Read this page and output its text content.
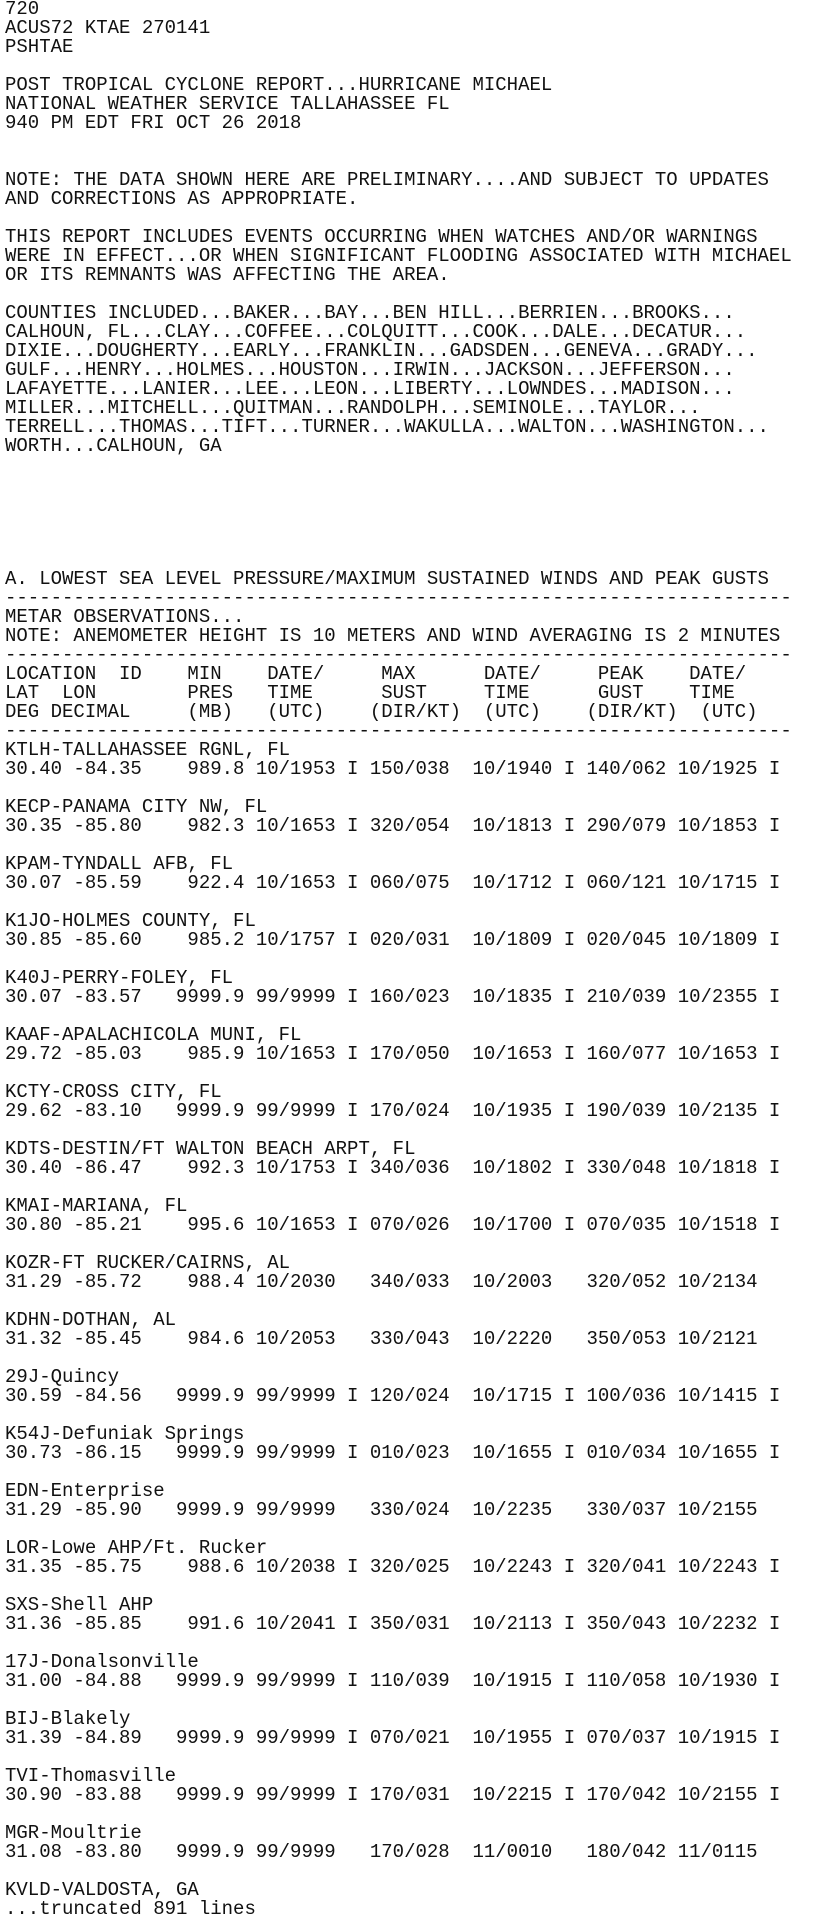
720
ACUS72 KTAE 270141
PSHTAE
POST TROPICAL CYCLONE REPORT...HURRICANE MICHAEL
NATIONAL WEATHER SERVICE TALLAHASSEE FL
940 PM EDT FRI OCT 26 2018
NOTE: THE DATA SHOWN HERE ARE PRELIMINARY....AND SUBJECT TO UPDATES
AND CORRECTIONS AS APPROPRIATE.
THIS REPORT INCLUDES EVENTS OCCURRING WHEN WATCHES AND/OR WARNINGS
WERE IN EFFECT...OR WHEN SIGNIFICANT FLOODING ASSOCIATED WITH MICHAEL
OR ITS REMNANTS WAS AFFECTING THE AREA.
COUNTIES INCLUDED...BAKER...BAY...BEN HILL...BERRIEN...BROOKS...
CALHOUN, FL...CLAY...COFFEE...COLQUITT...COOK...DALE...DECATUR...
DIXIE...DOUGHERTY...EARLY...FRANKLIN...GADSDEN...GENEVA...GRADY...
GULF...HENRY...HOLMES...HOUSTON...IRWIN...JACKSON...JEFFERSON...
LAFAYETTE...LANIER...LEE...LEON...LIBERTY...LOWNDES...MADISON...
MILLER...MITCHELL...QUITMAN...RANDOLPH...SEMINOLE...TAYLOR...
TERRELL...THOMAS...TIFT...TURNER...WAKULLA...WALTON...WASHINGTON...
WORTH...CALHOUN, GA
A. LOWEST SEA LEVEL PRESSURE/MAXIMUM SUSTAINED WINDS AND PEAK GUSTS
---------------------------------------------------------------------
METAR OBSERVATIONS...
NOTE: ANEMOMETER HEIGHT IS 10 METERS AND WIND AVERAGING IS 2 MINUTES
---------------------------------------------------------------------
LOCATION  ID    MIN    DATE/     MAX      DATE/     PEAK    DATE/
LAT  LON        PRES   TIME      SUST     TIME      GUST    TIME
DEG DECIMAL     (MB)   (UTC)    (DIR/KT)  (UTC)    (DIR/KT)  (UTC)
---------------------------------------------------------------------
KTLH-TALLAHASSEE RGNL, FL
30.40 -84.35    989.8 10/1953 I 150/038  10/1940 I 140/062 10/1925 I
KECP-PANAMA CITY NW, FL
30.35 -85.80    982.3 10/1653 I 320/054  10/1813 I 290/079 10/1853 I
KPAM-TYNDALL AFB, FL
30.07 -85.59    922.4 10/1653 I 060/075  10/1712 I 060/121 10/1715 I
K1JO-HOLMES COUNTY, FL
30.85 -85.60    985.2 10/1757 I 020/031  10/1809 I 020/045 10/1809 I
K40J-PERRY-FOLEY, FL
30.07 -83.57   9999.9 99/9999 I 160/023  10/1835 I 210/039 10/2355 I
KAAF-APALACHICOLA MUNI, FL
29.72 -85.03    985.9 10/1653 I 170/050  10/1653 I 160/077 10/1653 I
KCTY-CROSS CITY, FL
29.62 -83.10   9999.9 99/9999 I 170/024  10/1935 I 190/039 10/2135 I
KDTS-DESTIN/FT WALTON BEACH ARPT, FL
30.40 -86.47    992.3 10/1753 I 340/036  10/1802 I 330/048 10/1818 I
KMAI-MARIANA, FL
30.80 -85.21    995.6 10/1653 I 070/026  10/1700 I 070/035 10/1518 I
KOZR-FT RUCKER/CAIRNS, AL
31.29 -85.72    988.4 10/2030   340/033  10/2003   320/052 10/2134
KDHN-DOTHAN, AL
31.32 -85.45    984.6 10/2053   330/043  10/2220   350/053 10/2121
29J-Quincy
30.59 -84.56   9999.9 99/9999 I 120/024  10/1715 I 100/036 10/1415 I
K54J-Defuniak Springs
30.73 -86.15   9999.9 99/9999 I 010/023  10/1655 I 010/034 10/1655 I
EDN-Enterprise
31.29 -85.90   9999.9 99/9999   330/024  10/2235   330/037 10/2155
LOR-Lowe AHP/Ft. Rucker
31.35 -85.75    988.6 10/2038 I 320/025  10/2243 I 320/041 10/2243 I
SXS-Shell AHP
31.36 -85.85    991.6 10/2041 I 350/031  10/2113 I 350/043 10/2232 I
17J-Donalsonville
31.00 -84.88   9999.9 99/9999 I 110/039  10/1915 I 110/058 10/1930 I
BIJ-Blakely
31.39 -84.89   9999.9 99/9999 I 070/021  10/1955 I 070/037 10/1915 I
TVI-Thomasville
30.90 -83.88   9999.9 99/9999 I 170/031  10/2215 I 170/042 10/2155 I
MGR-Moultrie
31.08 -83.80   9999.9 99/9999   170/028  11/0010   180/042 11/0115
KVLD-VALDOSTA, GA
...truncated 891 lines
